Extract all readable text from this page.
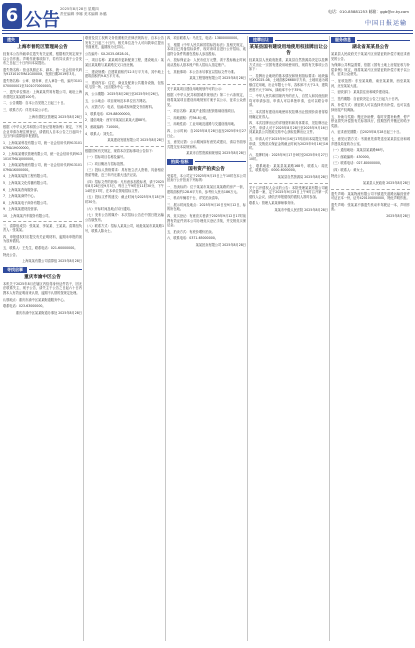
6 公告
2025年8月28日 星期四
责任编辑 李娜 美术编辑 孙璐	电话：010-85881253 邮箱：ggb@cr-ky.com
中国日报运输
遗失
上海市普陀区管理局公告

经查本公告所载单位遗失有关证照，根据相关规定现予以公告作废。声明作废事项如下，若有异议请于公告发布之日起三十日内向本局提出。

遗失物名称：营业执照正本、副本，统一社会信用代码为91310107MA1G0000X，发照日期2019年3月。

遗失物名称：公章、财务章、法人章各一枚，编号3101070000001至3101070000003。

一、遗失单位情况：上海某某贸易有限公司，地址上海市普陀区某某路100号。

二、公告期限：自本公告见报之日起三十日。

三、联系方式：详见本局公示栏。

上海市普陀区管理局 2025年8月28日

根据《中华人民共和国公司登记管理条例》规定，下列企业申请办理注销登记，请债权人自本公告之日起四十五日内向清算组申报债权。

1．上海某某科技有限公司，统一社会信用代码91310107MA1H000000。

2．上海某某餐饮管理有限公司，统一社会信用代码91310107MA1J000000。

3．上海某某物流有限公司，统一社会信用代码91310107MA1K000000。

4．上海某某装饰工程有限公司。

5．上海某某文化传播有限公司。

6．上海某某咨询服务部。

7．上海某某商贸中心。

8．上海某某电子商务有限公司。

9．上海某某建材经营部。

10．上海某某汽车服务有限公司。

三、清算组成员：张某某、李某某、王某某。清算组负责人：张某某。

四、申报债权时应提交有关证明材料，逾期未申报的视为放弃债权。

五、联系人：王先生，联系电话：021-60000000。

特此公告。

上海某某有限公司清算组 2025年8月28日
寻找启事
重庆市渝中区公告

本机关于2025年8月在辖区内拾得身份证件若干，因无法联系失主，现予公告，请失主于公告之日起六十日内携本人有效证明前来认领，逾期不认领的按规定处理。

认领地点：重庆市渝中区某某街道服务中心。

联系电话：023-63000000。

重庆市渝中区某某街道办事处 2025年8月28日

联营及员工权利义务依照相关法律法规执行，自本公告发布之日起三十日内，相关单位及个人可向我单位提出书面意见，逾期视为无异议。

公告编号：SX-2025-0828-01。

一、项目名称：某某城市更新配套工程，建设地点：某某区某某路与某某路交叉口西北侧。

二、建设规模：总建筑面积约12.5万平方米，其中地上建筑面积约9.8万平方米。

三、建设内容：住宅、商业及配套公共服务设施，包括幼儿园一所、社区服务中心一处。

四、公示期限：2025年8月28日至2025年9月26日。

五、公示地点：项目现场及本单位官方网站。

六、反馈方式：电话、信函或现场提交书面材料。

1．联系电话：029-88000000。

2．通信地址：西安市某某区某某大道88号。

3．邮政编码：710000。

4．联系人：刘先生。

某某建设发展有限公司 2025年8月28日

根据国家有关规定，现将本次招标事项公告如下：

（一）招标项目名称及编号。

（二）项目概况与招标范围。

（三）投标人资格要求：具有独立法人资格，具备相应资质等级，近三年内无重大违法记录。

（四）招标文件的获取：凡有意参加投标者，请于2025年8月28日至9月3日，每日上午9时至11时30分，下午14时至17时，在本单位领取招标文件。

（五）投标文件的递交：截止时间为2025年9月18日9时30分。

（六）开标时间及地点另行通知。

（七）发布公告的媒介：本次招标公告在中国日报运输公告版发布。

（八）联系方式：招标人某某公司，地址某某市某某路1号，联系人陈女士。

四、项目联系人：马先生，电话：13800000000。

五、根据《中华人民共和国招标投标法》及相关规定，本项目已具备招标条件，现对该项目进行公开招标，欢迎符合条件的潜在投标人参加投标。

六、投标保证金：人民币伍万元整，须于投标截止时间前从投标人基本账户转入招标人指定账户。

七、其他事项：本公告未尽事宜以招标文件为准。

某某工程管理有限公司 2025年8月28日

关于某某项目建设用地规划许可的公示：

根据《中华人民共和国城乡规划法》第二十六条规定，现将某某项目建设用地规划方案予以公示，征求公众意见。

一、项目名称：某某产业园区配套基础设施项目。

二、用地面积：约36.8公顷。

三、用地性质：工业用地及道路与交通设施用地。

四、公示时间：自2025年8月28日起至2025年9月27日止。

五、意见反馈：公示期间如有意见或建议，请以书面形式提交至本局规划科。

某某市自然资源和规划局 2025年8月28日
拍卖·招标
国有资产拍卖公告

受委托，本公司定于2025年9月15日上午10时在本公司拍卖厅公开拍卖下列标的：

一、拍卖标的：位于某某市某某区某某路的房产一套，建筑面积约128.6平方米，参考价人民币186万元。

二、机动车辆若干台，详见拍卖清单。

三、展示时间及地点：2025年9月10日至9月12日，标的所在地。

四、竞买登记：有意竞买者请于2025年9月12日17时前携有效证件到本公司办理竞买登记手续，并交纳竞买保证金。

五、拍卖方式：有底价增价拍卖。

六、联系电话：0371-65000000。

某某拍卖有限公司 2025年8月28日
挂牌出让
某某县国有建设用地使用权挂牌出让公告

经某某县人民政府批准，某某县自然资源局决定以挂牌方式出让一宗国有建设用地使用权，现将有关事项公告如下：

一、挂牌出让地块的基本情况和规划指标要求：地块编号XY2025-08，土地面积26680平方米，土地用途为城镇住宅用地，出让年限七十年，容积率不大于2.5，建筑密度不大于30%，绿地率不小于35%。

二、中华人民共和国境内外的法人、自然人和其他组织均可申请参加，申请人可以单独申请，也可以联合申请。

三、本次国有建设用地使用权挂牌出让按照价高者得原则确定竞得人。

四、本次挂牌出让的详细资料和具体要求，见挂牌出让文件。申请人可于2025年8月28日至2025年9月16日到某某县公共资源交易中心获取挂牌出让文件。

五、申请人可于2025年9月16日17时前向本局提交书面申请，交纳竞买保证金的截止时间为2025年9月16日16时。

六、挂牌时间：2025年9月17日9时至2025年9月27日10时。

七、联系地址：某某县某某路168号，联系人：周先生，联系电话：0000-6000000。

某某县自然资源局 2025年8月28日

关于召开债权人会议的公告：本院受理某某有限公司破产清算一案，定于2025年9月25日上午9时召开第一次债权人会议，请依法申报债权的债权人准时参加。

联系人：管理人某某律师事务所。

某某市中级人民法院 2025年8月28日
服务信息
湖北省某某县公告

某某县人民政府关于某某片区房屋征收补偿方案征求意见的公告。

为保障公共利益需要，依据《国有土地上房屋征收与补偿条例》规定，现将某某片区房屋征收补偿方案予以公布，征求公众意见。

一、征收范围：东至某某路，南至某某街，西至某某河，北至某某大道。

二、征收部门：某某县住房和城乡建设局。

三、签约期限：自征收决定公告之日起九十日内。

四、补偿方式：被征收人可以选择货币补偿，也可以选择房屋产权调换。

五、补助与奖励：搬迁补助费、临时安置补助费、停产停业损失补偿按有关标准执行，按期签约并搬迁的给予奖励。

六、征求意见期限：自2025年8月28日起三十日。

七、意见反馈方式：书面意见请寄送至某某县住房和城乡建设局征收办公室。

（一）通信地址：某某县某某路66号。

（二）邮政编码：430000。

（三）联系电话：027-80000000。

（四）联系人：黄女士。

特此公告。

某某县人民政府 2025年8月28日

遗失声明：某某物流有限公司不慎遗失道路运输经营许可证正本一份，证号420100000000，特此声明作废。

遗失声明：张某某不慎遗失机动车驾驶证一本，声明作废。

2025年8月28日
